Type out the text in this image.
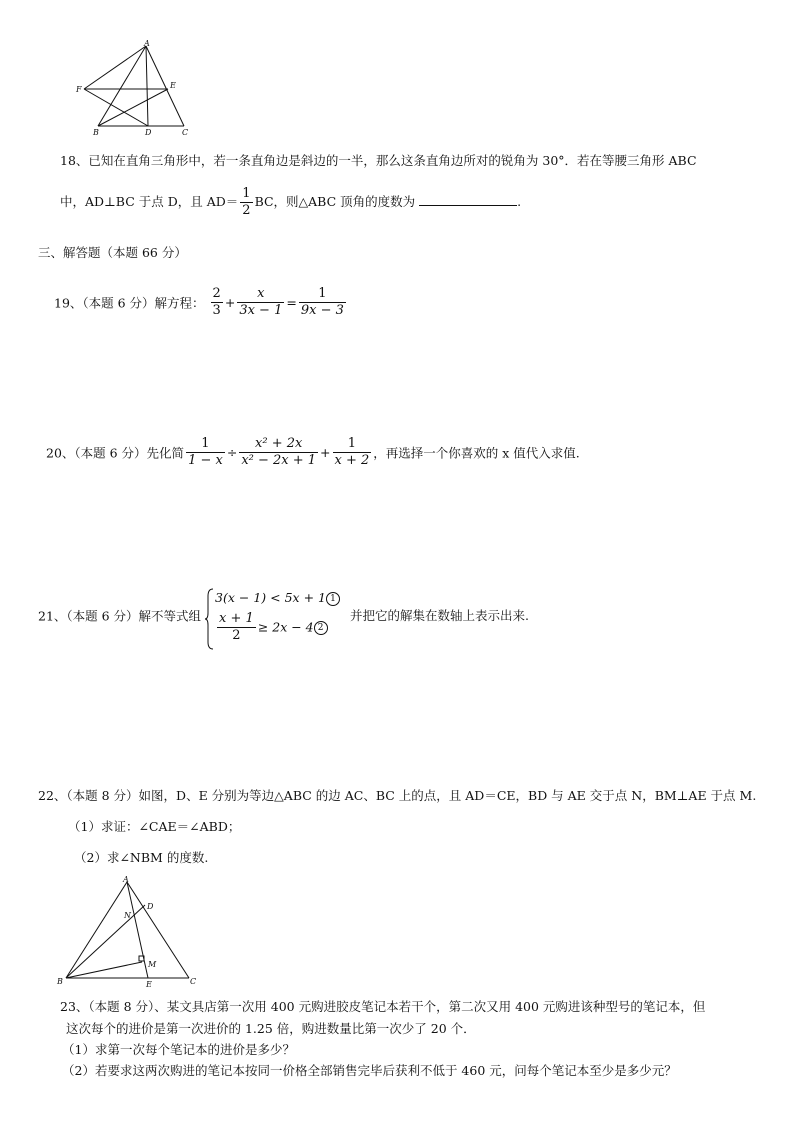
A
F	E
B	D	C
18、已知在直角三角形中，若一条直角边是斜边的一半，那么这条直角边所对的锐角为 30°．若在等腰三角形 ABC
中，AD⊥BC 于点 D，且 $AD= \frac{1}{2}$ BC，则△ABC 顶角的度数为	.
三、解答题（本题 66 分）
19、（本题 6 分）解方程： $\frac{2}{3} + \frac{x}{3x - 1} = \frac{1}{9x - 3}$
20、（本题 6 分）先化简 $\frac{1}{1 - x} \div \frac{\text{x² + 2x}}{\text{x² − 2x + 1}} + \frac{1}{x + 2}$ ，再选择一个你喜欢的 x 值代入求值.
21、（本题 6 分）解不等式组
3(x − 1) < 5x + 1 1
$\frac{x + 1}{2} \ge 2x - 4$ 2
并把它的解集在数轴上表示出来.
22、（本题 8 分）如图，D、E 分别为等边△ABC 的边 AC、BC 上的点，且 AD＝CE，BD 与 AE 交于点 N，BM⊥AE 于点 M.
（1）求证：∠CAE＝∠ABD；
（2）求∠NBM 的度数.
A
B	C
D
E
M
N
23、（本题 8 分）、某文具店第一次用 400 元购进胶皮笔记本若干个，第二次又用 400 元购进该种型号的笔记本，但
这次每个的进价是第一次进价的 1.25 倍，购进数量比第一次少了 20 个．
（1）求第一次每个笔记本的进价是多少？
（2）若要求这两次购进的笔记本按同一价格全部销售完毕后获利不低于 460 元，问每个笔记本至少是多少元？
